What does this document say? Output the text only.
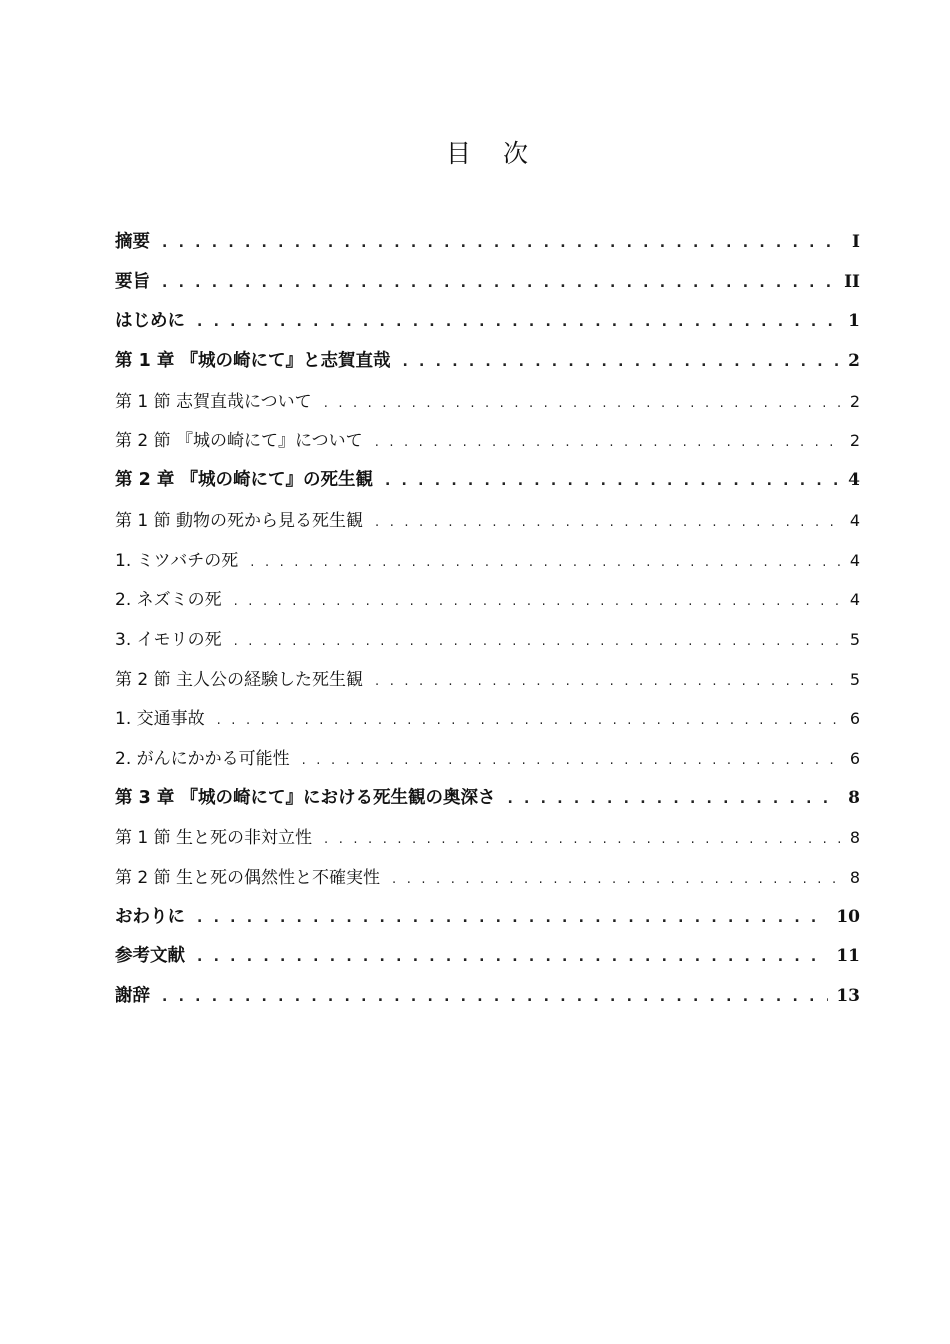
目 次
摘要 . . .	I
要旨 . . .	II
はじめに . . .	1
第 1 章 『城の崎にて』と志賀直哉 . . .	2
第 1 節 志賀直哉について . . .	2
第 2 節 『城の崎にて』について . . .	2
第 2 章 『城の崎にて』の死生観 . . .	4
第 1 節 動物の死から見る死生観 . . .	4
1. ミツバチの死 . . .	4
2. ネズミの死 . . .	4
3. イモリの死 . . .	5
第 2 節 主人公の経験した死生観 . . .	5
1. 交通事故 . . .	6
2. がんにかかる可能性 . . .	6
第 3 章 『城の崎にて』における死生観の奥深さ . . .	8
第 1 節 生と死の非対立性 . . .	8
第 2 節 生と死の偶然性と不確実性 . . .	8
おわりに . . .	10
参考文献 . . .	11
謝辞 . . .	13
